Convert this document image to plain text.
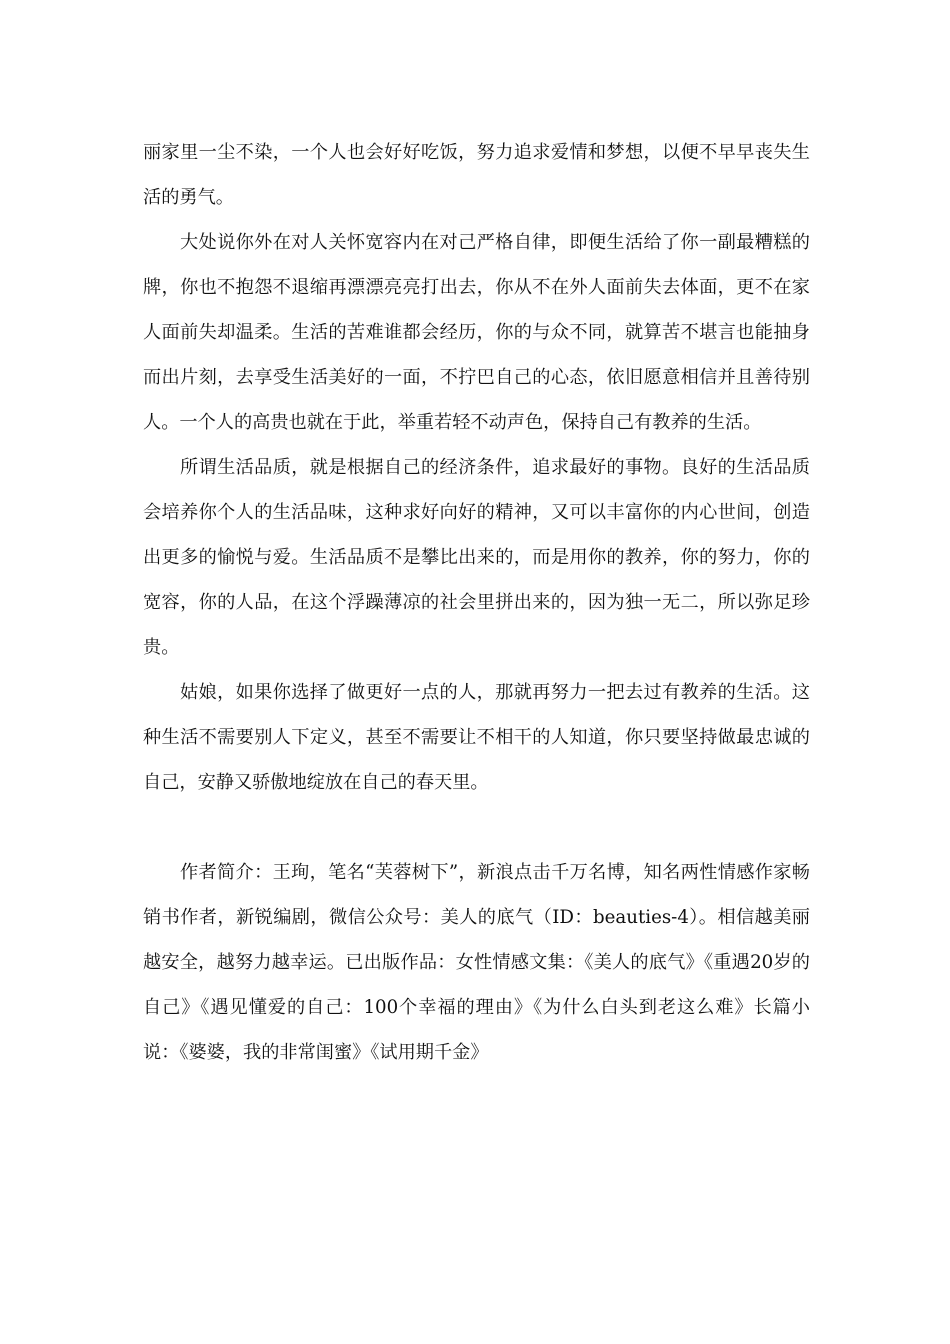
丽家里一尘不染，一个人也会好好吃饭，努力追求爱情和梦想，以便不早早丧失生活的勇气。

大处说你外在对人关怀宽容内在对己严格自律，即便生活给了你一副最糟糕的牌，你也不抱怨不退缩再漂漂亮亮打出去，你从不在外人面前失去体面，更不在家人面前失却温柔。生活的苦难谁都会经历，你的与众不同，就算苦不堪言也能抽身而出片刻，去享受生活美好的一面，不拧巴自己的心态，依旧愿意相信并且善待别人。一个人的高贵也就在于此，举重若轻不动声色，保持自己有教养的生活。

所谓生活品质，就是根据自己的经济条件，追求最好的事物。良好的生活品质会培养你个人的生活品味，这种求好向好的精神，又可以丰富你的内心世间，创造出更多的愉悦与爱。生活品质不是攀比出来的，而是用你的教养，你的努力，你的宽容，你的人品，在这个浮躁薄凉的社会里拼出来的，因为独一无二，所以弥足珍贵。

姑娘，如果你选择了做更好一点的人，那就再努力一把去过有教养的生活。这种生活不需要别人下定义，甚至不需要让不相干的人知道，你只要坚持做最忠诚的自己，安静又骄傲地绽放在自己的春天里。

作者简介：王珣，笔名“芙蓉树下”，新浪点击千万名博，知名两性情感作家畅销书作者，新锐编剧，微信公众号：美人的底气（ID：beauties-4）。相信越美丽越安全，越努力越幸运。已出版作品：女性情感文集：《美人的底气》《重遇20岁的自己》《遇见懂爱的自己：100个幸福的理由》《为什么白头到老这么难》长篇小说：《婆婆，我的非常闺蜜》《试用期千金》
